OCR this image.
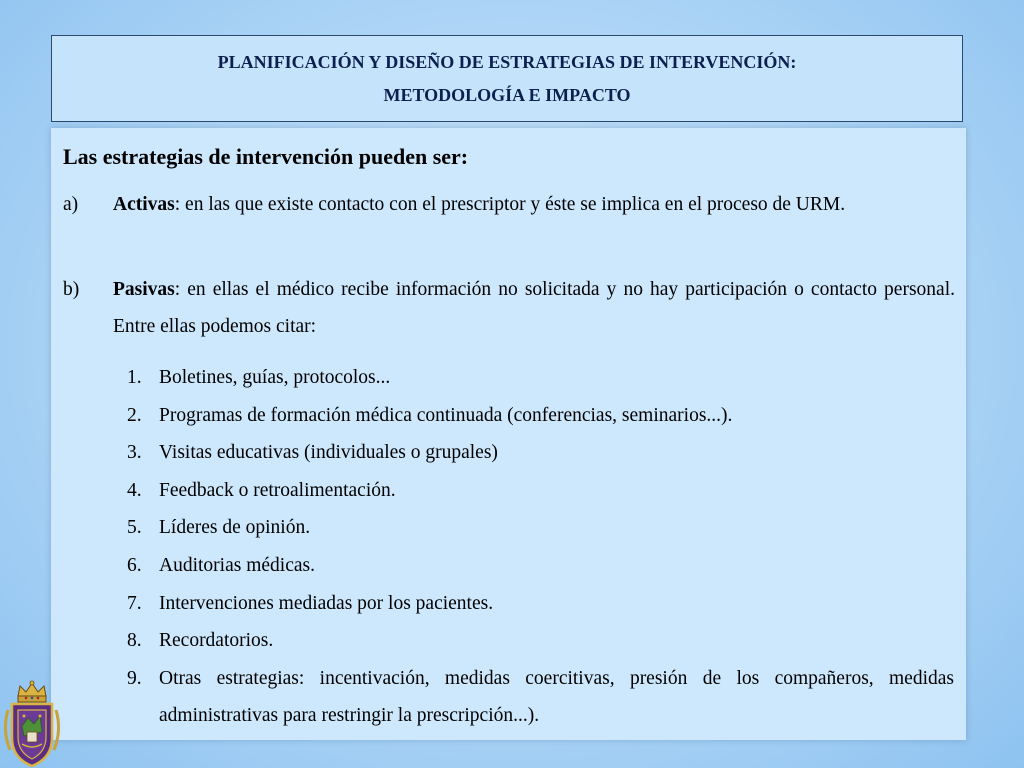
PLANIFICACIÓN Y DISEÑO DE ESTRATEGIAS DE INTERVENCIÓN:
METODOLOGÍA E IMPACTO
Las estrategias de intervención pueden ser:
a) Activas: en las que existe contacto con el prescriptor y éste se implica en el proceso de URM.
b) Pasivas: en ellas el médico recibe información no solicitada y no hay participación o contacto personal. Entre ellas podemos citar:
1. Boletines, guías, protocolos...
2. Programas de formación médica continuada (conferencias, seminarios...).
3. Visitas educativas (individuales o grupales)
4. Feedback o retroalimentación.
5. Líderes de opinión.
6. Auditorias médicas.
7. Intervenciones mediadas por los pacientes.
8. Recordatorios.
9. Otras estrategias: incentivación, medidas coercitivas, presión de los compañeros, medidas administrativas para restringir la prescripción...).
